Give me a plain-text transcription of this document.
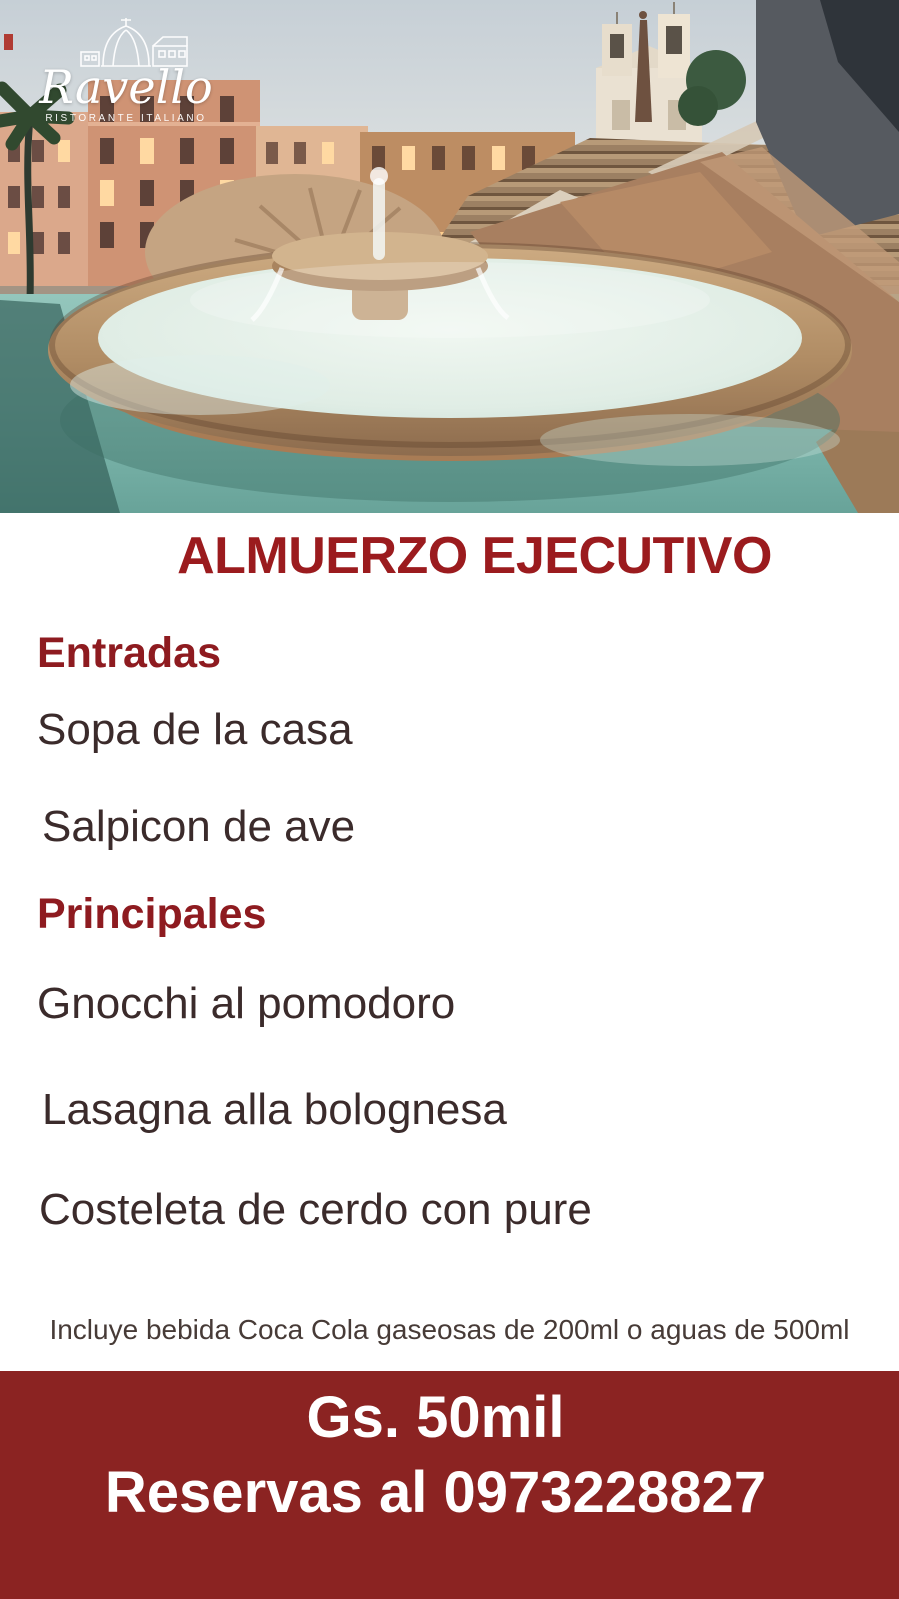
Ravello
RISTORANTE ITALIANO
ALMUERZO EJECUTIVO
Entradas

Sopa de la casa

Salpicon de ave

Principales

Gnocchi al pomodoro

Lasagna alla bolognesa

Costeleta de cerdo con pure

Incluye bebida Coca Cola gaseosas de 200ml o aguas de 500ml

Gs. 50mil
Reservas al 0973228827
